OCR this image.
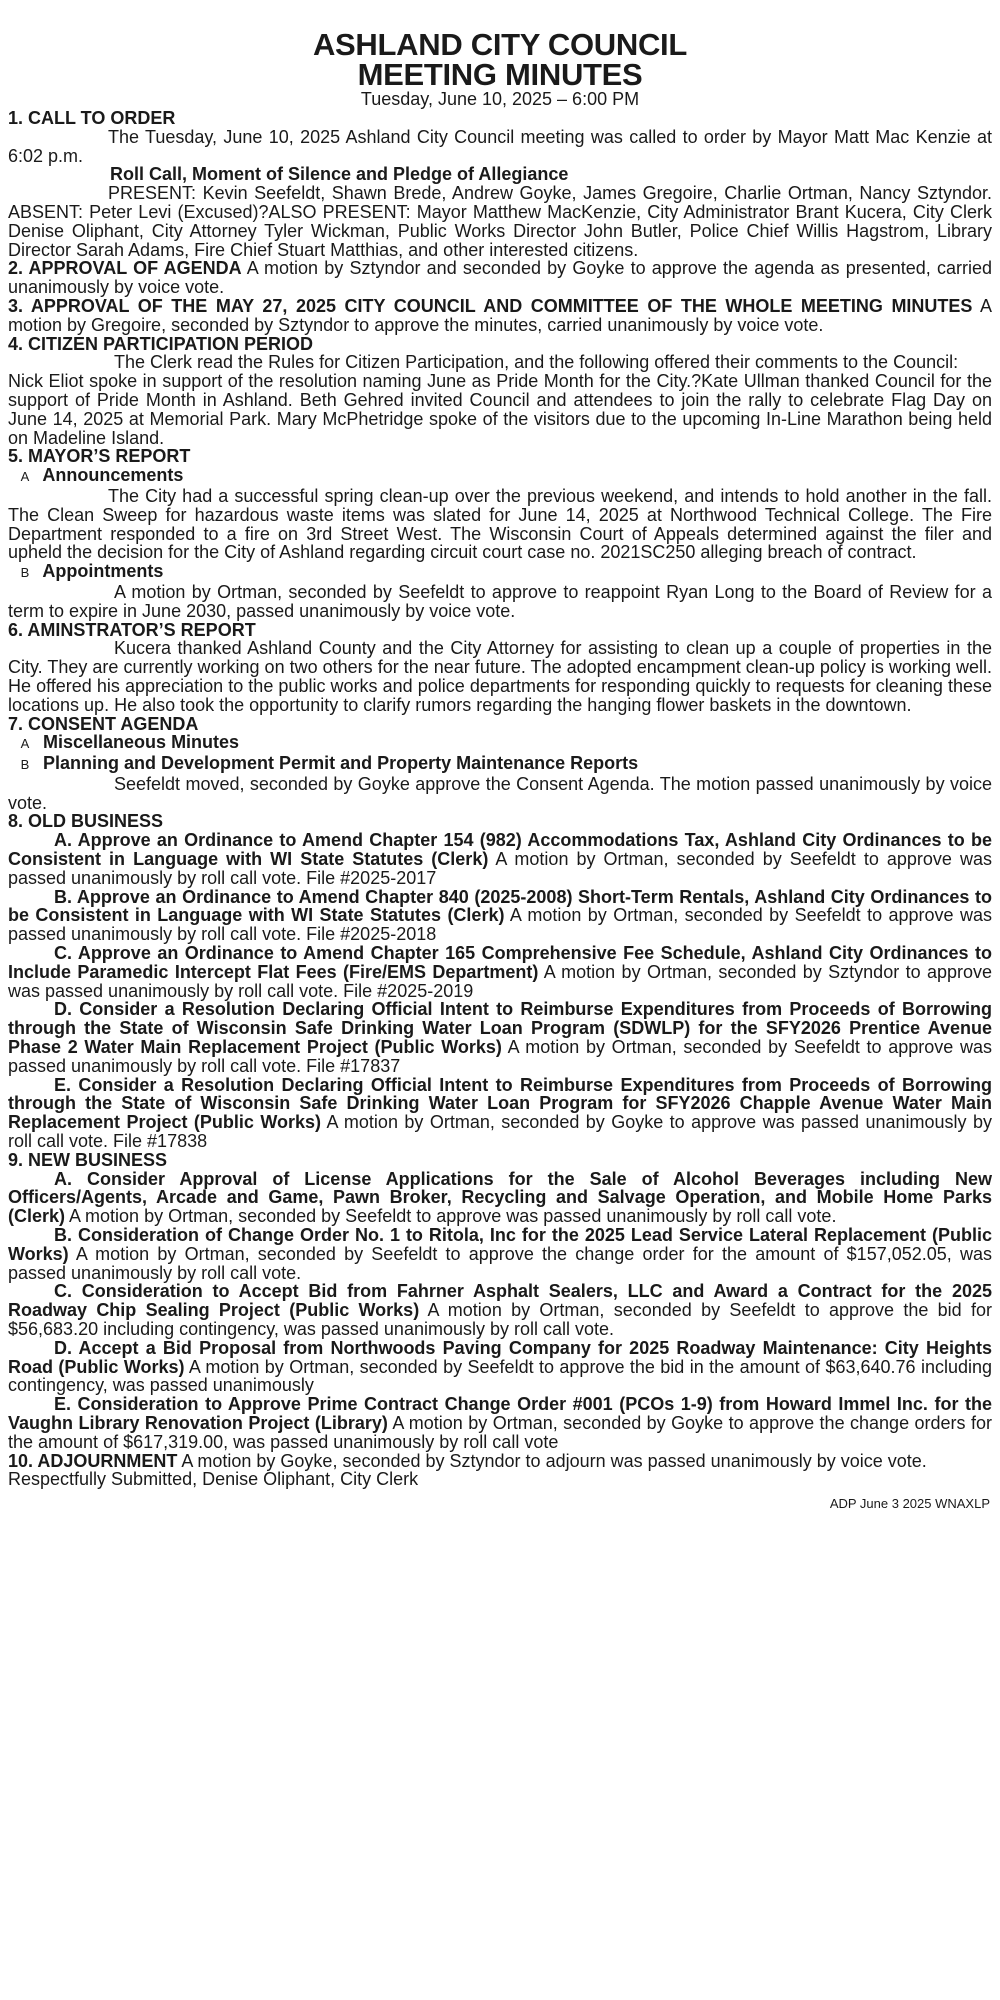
ASHLAND CITY COUNCIL
MEETING MINUTES
Tuesday, June 10, 2025 – 6:00 PM
1. CALL TO ORDER

The Tuesday, June 10, 2025 Ashland City Council meeting was called to order by Mayor Matt Mac Kenzie at 6:02 p.m.

Roll Call, Moment of Silence and Pledge of Allegiance

PRESENT: Kevin Seefeldt, Shawn Brede, Andrew Goyke, James Gregoire, Charlie Ortman, Nancy Sztyndor. ABSENT: Peter Levi (Excused)?ALSO PRESENT: Mayor Matthew MacKenzie, City Administrator Brant Kucera, City Clerk Denise Oliphant, City Attorney Tyler Wickman, Public Works Director John Butler, Police Chief Willis Hagstrom, Library Director Sarah Adams, Fire Chief Stuart Matthias, and other interested citizens.

2. APPROVAL OF AGENDA A motion by Sztyndor and seconded by Goyke to approve the agenda as presented, carried unanimously by voice vote.

3. APPROVAL OF THE MAY 27, 2025 CITY COUNCIL AND COMMITTEE OF THE WHOLE MEETING MINUTES A motion by Gregoire, seconded by Sztyndor to approve the minutes, carried unanimously by voice vote.

4. CITIZEN PARTICIPATION PERIOD

The Clerk read the Rules for Citizen Participation, and the following offered their comments to the Council:

Nick Eliot spoke in support of the resolution naming June as Pride Month for the City.?Kate Ullman thanked Council for the support of Pride Month in Ashland. Beth Gehred invited Council and attendees to join the rally to celebrate Flag Day on June 14, 2025 at Memorial Park. Mary McPhetridge spoke of the visitors due to the upcoming In-Line Marathon being held on Madeline Island.

5. MAYOR’S REPORT
A Announcements

The City had a successful spring clean-up over the previous weekend, and intends to hold another in the fall. The Clean Sweep for hazardous waste items was slated for June 14, 2025 at Northwood Technical College. The Fire Department responded to a fire on 3rd Street West. The Wisconsin Court of Appeals determined against the filer and upheld the decision for the City of Ashland regarding circuit court case no. 2021SC250 alleging breach of contract.

B Appointments

A motion by Ortman, seconded by Seefeldt to approve to reappoint Ryan Long to the Board of Review for a term to expire in June 2030, passed unanimously by voice vote.

6. AMINSTRATOR’S REPORT

Kucera thanked Ashland County and the City Attorney for assisting to clean up a couple of properties in the City. They are currently working on two others for the near future. The adopted encampment clean-up policy is working well. He offered his appreciation to the public works and police departments for responding quickly to requests for cleaning these locations up. He also took the opportunity to clarify rumors regarding the hanging flower baskets in the downtown.

7. CONSENT AGENDA
A Miscellaneous Minutes
B Planning and Development Permit and Property Maintenance Reports

Seefeldt moved, seconded by Goyke approve the Consent Agenda. The motion passed unanimously by voice vote.

8. OLD BUSINESS

A. Approve an Ordinance to Amend Chapter 154 (982) Accommodations Tax, Ashland City Ordinances to be Consistent in Language with WI State Statutes (Clerk) A motion by Ortman, seconded by Seefeldt to approve was passed unanimously by roll call vote. File #2025-2017

B. Approve an Ordinance to Amend Chapter 840 (2025-2008) Short-Term Rentals, Ashland City Ordinances to be Consistent in Language with WI State Statutes (Clerk) A motion by Ortman, seconded by Seefeldt to approve was passed unanimously by roll call vote. File #2025-2018

C. Approve an Ordinance to Amend Chapter 165 Comprehensive Fee Schedule, Ashland City Ordinances to Include Paramedic Intercept Flat Fees (Fire/EMS Department) A motion by Ortman, seconded by Sztyndor to approve was passed unanimously by roll call vote. File #2025-2019

D. Consider a Resolution Declaring Official Intent to Reimburse Expenditures from Proceeds of Borrowing through the State of Wisconsin Safe Drinking Water Loan Program (SDWLP) for the SFY2026 Prentice Avenue Phase 2 Water Main Replacement Project (Public Works) A motion by Ortman, seconded by Seefeldt to approve was passed unanimously by roll call vote. File #17837

E. Consider a Resolution Declaring Official Intent to Reimburse Expenditures from Proceeds of Borrowing through the State of Wisconsin Safe Drinking Water Loan Program for SFY2026 Chapple Avenue Water Main Replacement Project (Public Works) A motion by Ortman, seconded by Goyke to approve was passed unanimously by roll call vote. File #17838

9. NEW BUSINESS

A. Consider Approval of License Applications for the Sale of Alcohol Beverages including New Officers/Agents, Arcade and Game, Pawn Broker, Recycling and Salvage Operation, and Mobile Home Parks (Clerk) A motion by Ortman, seconded by Seefeldt to approve was passed unanimously by roll call vote.

B. Consideration of Change Order No. 1 to Ritola, Inc for the 2025 Lead Service Lateral Replacement (Public Works) A motion by Ortman, seconded by Seefeldt to approve the change order for the amount of $157,052.05, was passed unanimously by roll call vote.

C. Consideration to Accept Bid from Fahrner Asphalt Sealers, LLC and Award a Contract for the 2025 Roadway Chip Sealing Project (Public Works) A motion by Ortman, seconded by Seefeldt to approve the bid for $56,683.20 including contingency, was passed unanimously by roll call vote.

D. Accept a Bid Proposal from Northwoods Paving Company for 2025 Roadway Maintenance: City Heights Road (Public Works) A motion by Ortman, seconded by Seefeldt to approve the bid in the amount of $63,640.76 including contingency, was passed unanimously

E. Consideration to Approve Prime Contract Change Order #001 (PCOs 1-9) from Howard Immel Inc. for the Vaughn Library Renovation Project (Library) A motion by Ortman, seconded by Goyke to approve the change orders for the amount of $617,319.00, was passed unanimously by roll call vote

10. ADJOURNMENT A motion by Goyke, seconded by Sztyndor to adjourn was passed unanimously by voice vote.

Respectfully Submitted, Denise Oliphant, City Clerk

ADP June 3 2025 WNAXLP
